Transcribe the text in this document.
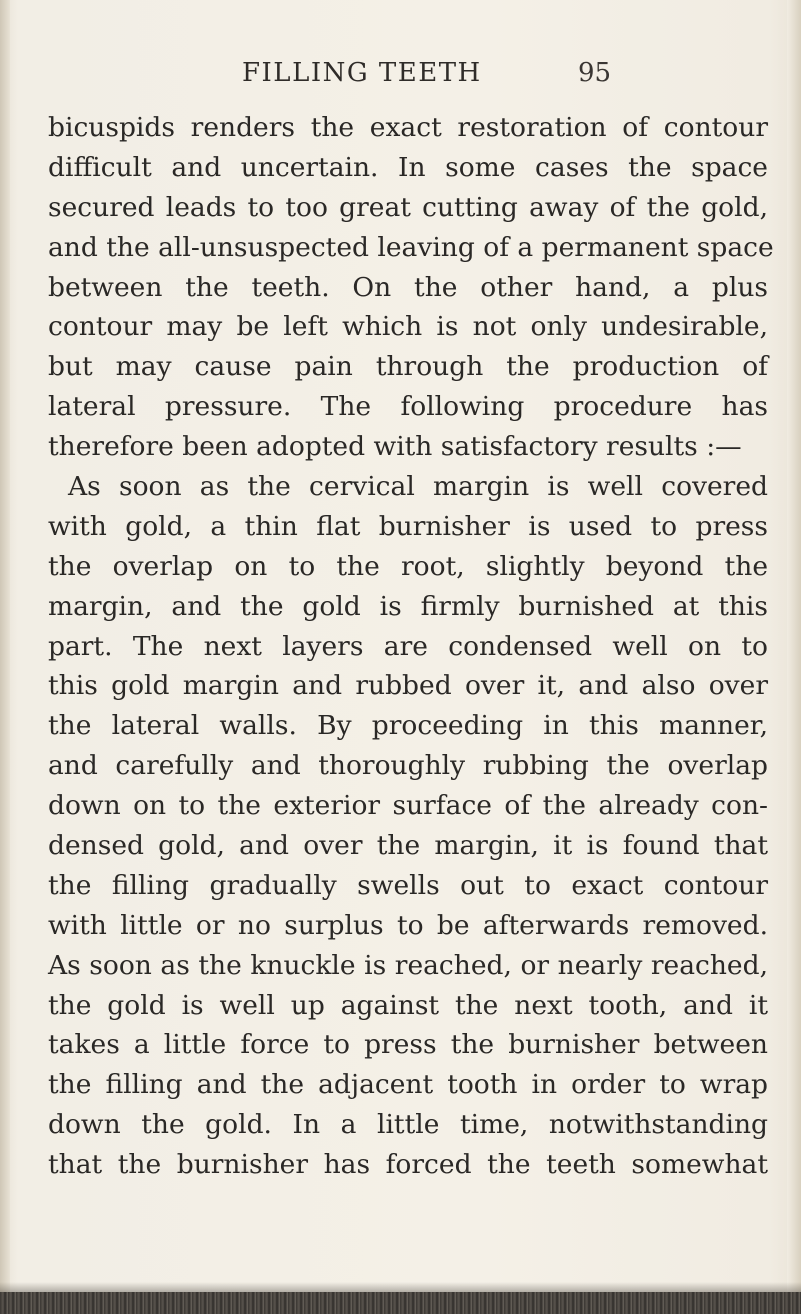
FILLING TEETH	95
bicuspids renders the exact restoration of contour
difficult and uncertain. In some cases the space
secured leads to too great cutting away of the gold,
and the all-unsuspected leaving of a permanent space
between the teeth. On the other hand, a plus
contour may be left which is not only undesirable,
but may cause pain through the production of
lateral pressure. The following procedure has
therefore been adopted with satisfactory results :—
As soon as the cervical margin is well covered
with gold, a thin flat burnisher is used to press
the overlap on to the root, slightly beyond the
margin, and the gold is firmly burnished at this
part. The next layers are condensed well on to
this gold margin and rubbed over it, and also over
the lateral walls. By proceeding in this manner,
and carefully and thoroughly rubbing the overlap
down on to the exterior surface of the already con-
densed gold, and over the margin, it is found that
the filling gradually swells out to exact contour
with little or no surplus to be afterwards removed.
As soon as the knuckle is reached, or nearly reached,
the gold is well up against the next tooth, and it
takes a little force to press the burnisher between
the filling and the adjacent tooth in order to wrap
down the gold. In a little time, notwithstanding
that the burnisher has forced the teeth somewhat
